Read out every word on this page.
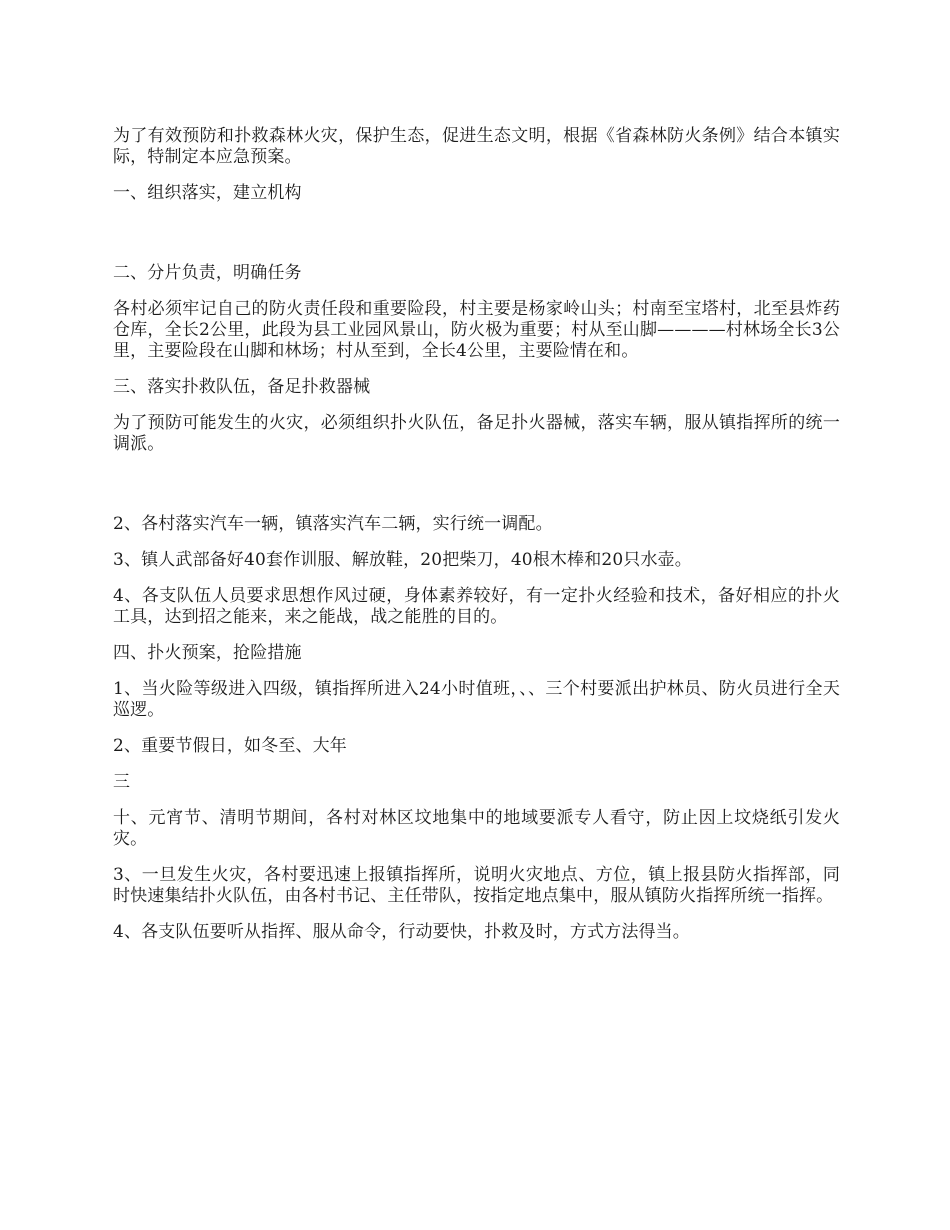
为了有效预防和扑救森林火灾，保护生态，促进生态文明，根据《省森林防火条例》结合本镇实际，特制定本应急预案。

一、组织落实，建立机构

二、分片负责，明确任务

各村必须牢记自己的防火责任段和重要险段，村主要是杨家岭山头；村南至宝塔村，北至县炸药仓库，全长2公里，此段为县工业园风景山，防火极为重要；村从至山脚————村林场全长3公里，主要险段在山脚和林场；村从至到，全长4公里，主要险情在和。

三、落实扑救队伍，备足扑救器械

为了预防可能发生的火灾，必须组织扑火队伍，备足扑火器械，落实车辆，服从镇指挥所的统一调派。

2、各村落实汽车一辆，镇落实汽车二辆，实行统一调配。

3、镇人武部备好40套作训服、解放鞋，20把柴刀，40根木棒和20只水壶。

4、各支队伍人员要求思想作风过硬，身体素养较好，有一定扑火经验和技术，备好相应的扑火工具，达到招之能来，来之能战，战之能胜的目的。

四、扑火预案，抢险措施

1、当火险等级进入四级，镇指挥所进入24小时值班，、、三个村要派出护林员、防火员进行全天巡逻。

2、重要节假日，如冬至、大年

三

十、元宵节、清明节期间，各村对林区坟地集中的地域要派专人看守，防止因上坟烧纸引发火灾。

3、一旦发生火灾，各村要迅速上报镇指挥所，说明火灾地点、方位，镇上报县防火指挥部，同时快速集结扑火队伍，由各村书记、主任带队，按指定地点集中，服从镇防火指挥所统一指挥。

4、各支队伍要听从指挥、服从命令，行动要快，扑救及时，方式方法得当。
